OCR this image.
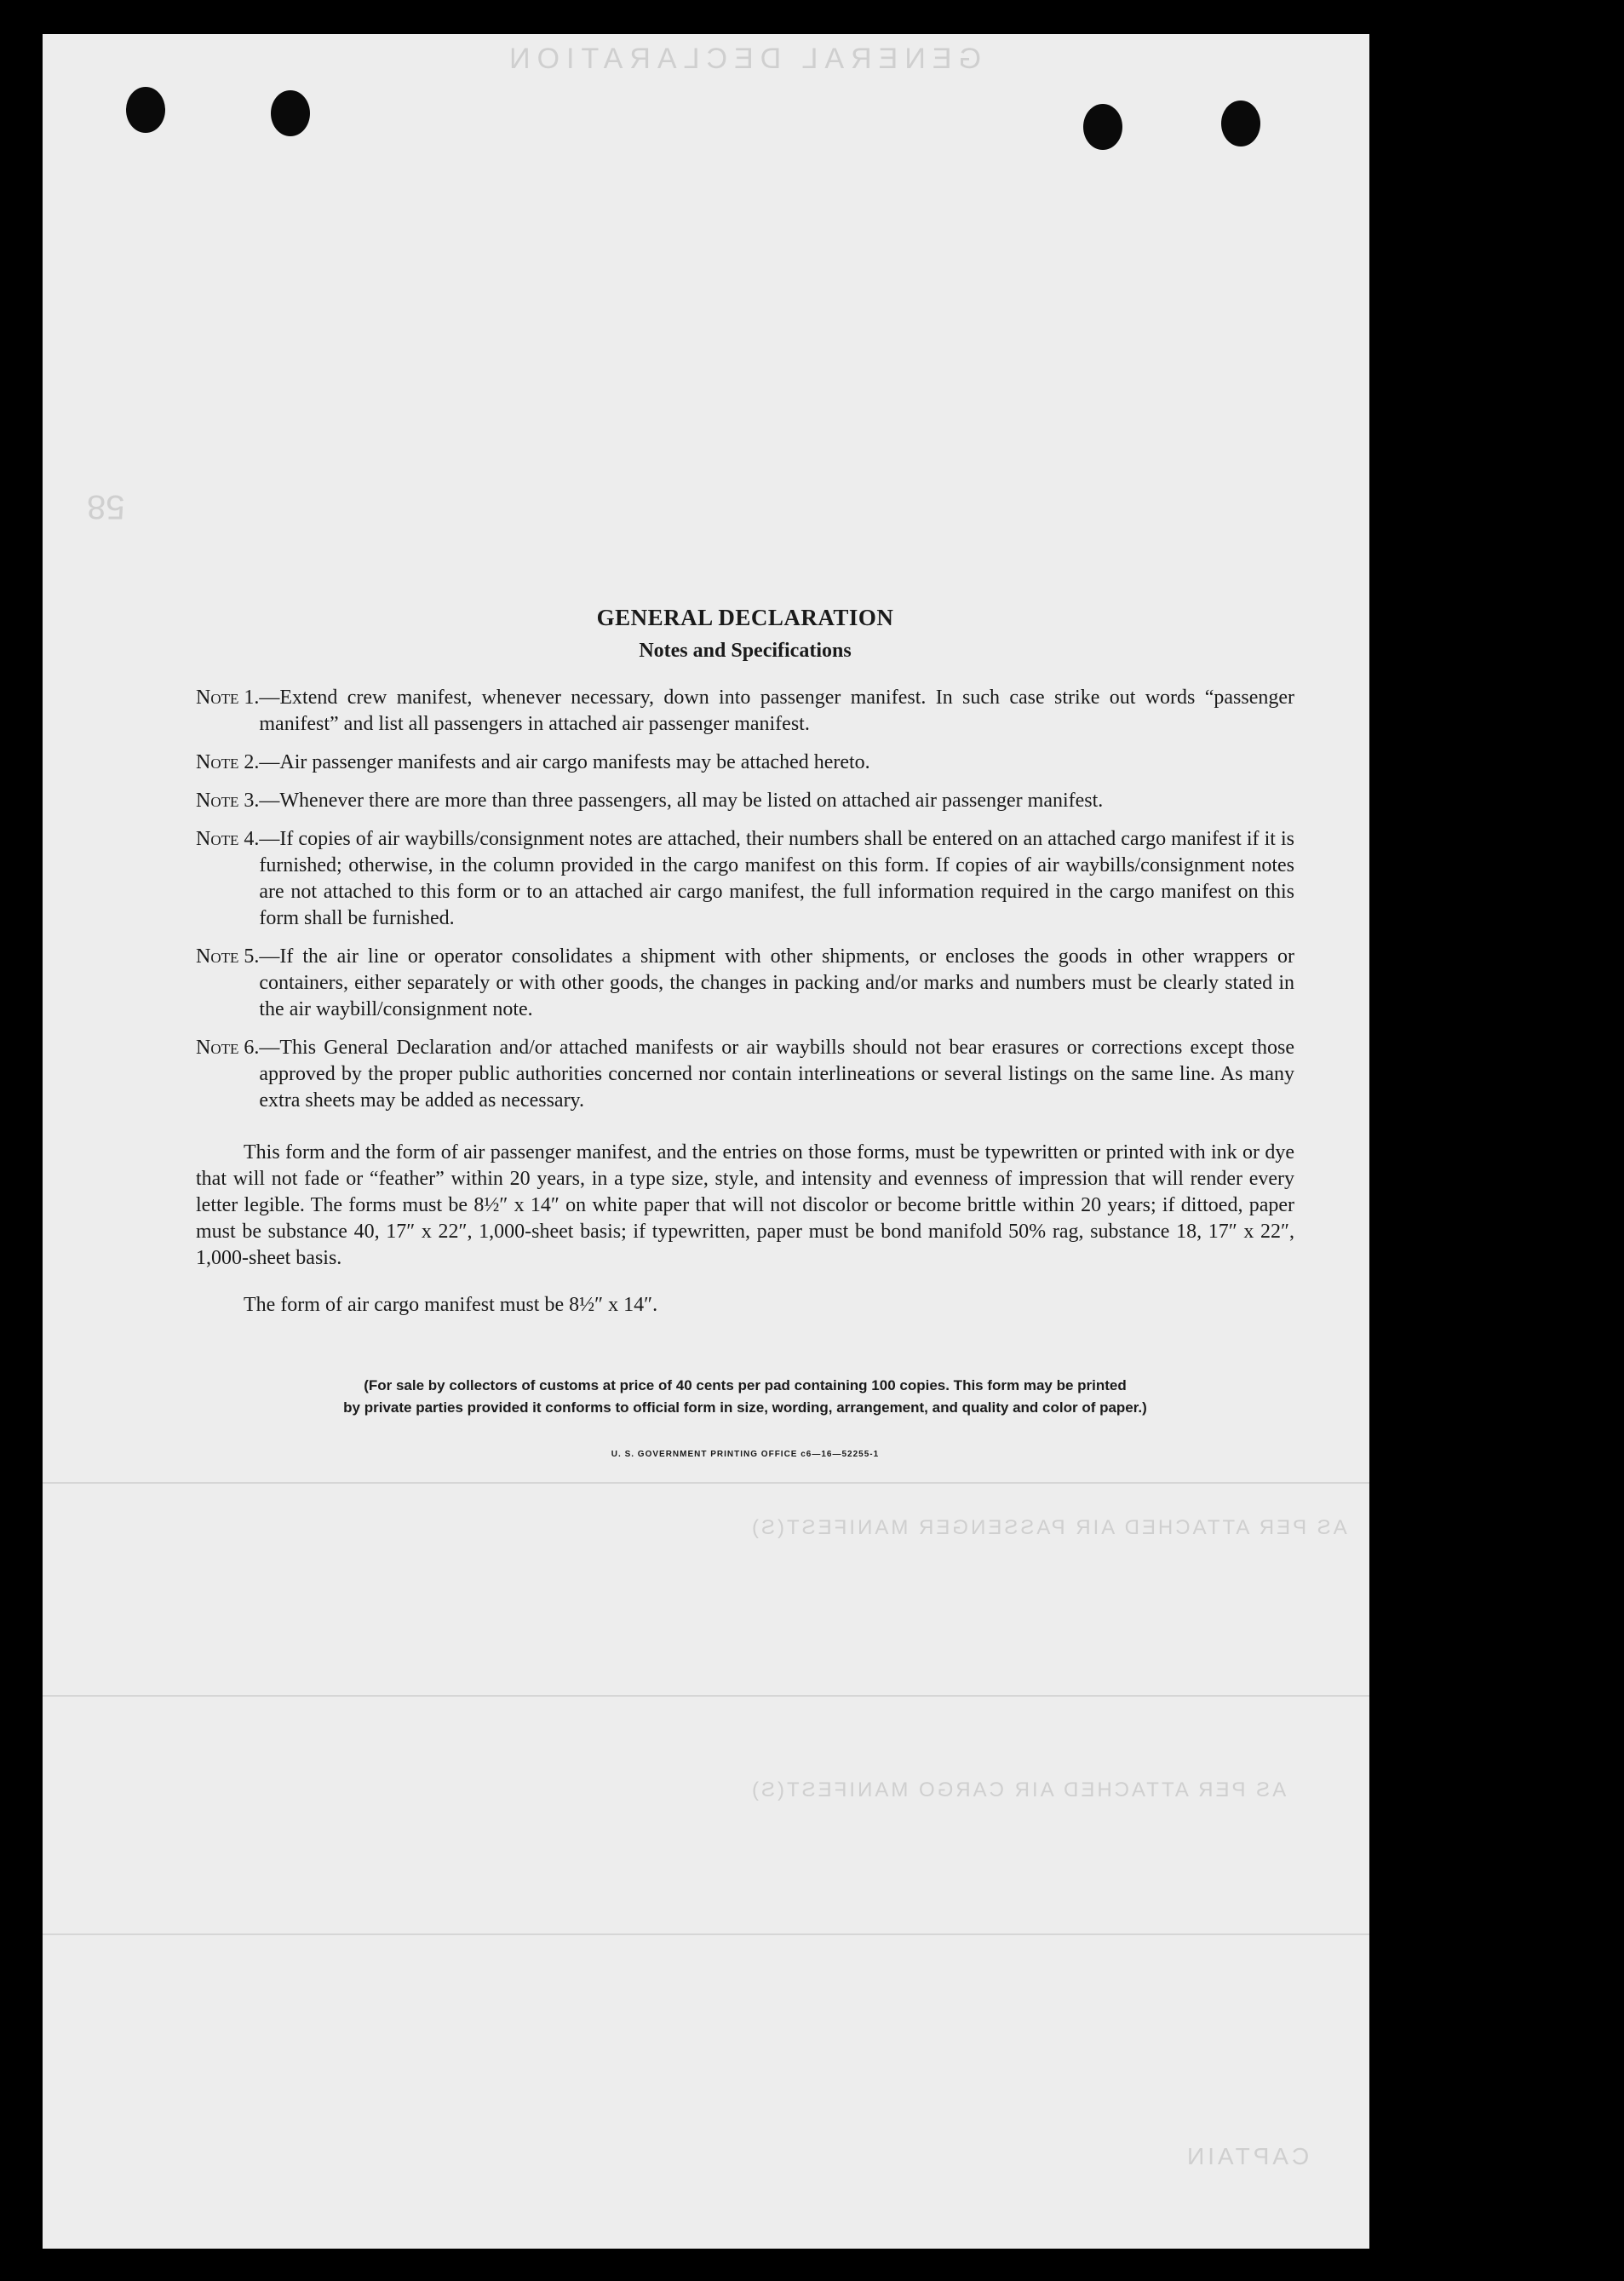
GENERAL DECLARATION
58
AS PER ATTACHED AIR PASSENGER MANIFEST(S)
AS PER ATTACHED AIR CARGO MANIFEST(S)
CAPTAIN
GENERAL DECLARATION
Notes and Specifications
Note 1. —Extend crew manifest, whenever necessary, down into passenger manifest. In such case strike out words “passenger manifest” and list all passengers in attached air passenger manifest.
Note 2. —Air passenger manifests and air cargo manifests may be attached hereto.
Note 3. —Whenever there are more than three passengers, all may be listed on attached air passenger manifest.
Note 4. —If copies of air waybills/consignment notes are attached, their numbers shall be entered on an attached cargo manifest if it is furnished; otherwise, in the column provided in the cargo manifest on this form. If copies of air waybills/consignment notes are not attached to this form or to an attached air cargo manifest, the full information required in the cargo manifest on this form shall be furnished.
Note 5. —If the air line or operator consolidates a shipment with other shipments, or encloses the goods in other wrappers or containers, either separately or with other goods, the changes in packing and/or marks and numbers must be clearly stated in the air waybill/consignment note.
Note 6. —This General Declaration and/or attached manifests or air waybills should not bear erasures or corrections except those approved by the proper public authorities concerned nor contain interlineations or several listings on the same line. As many extra sheets may be added as necessary.

This form and the form of air passenger manifest, and the entries on those forms, must be typewritten or printed with ink or dye that will not fade or “feather” within 20 years, in a type size, style, and intensity and evenness of impression that will render every letter legible. The forms must be 8½″ x 14″ on white paper that will not discolor or become brittle within 20 years; if dittoed, paper must be substance 40, 17″ x 22″, 1,000-sheet basis; if typewritten, paper must be bond manifold 50% rag, substance 18, 17″ x 22″, 1,000-sheet basis.

The form of air cargo manifest must be 8½″ x 14″.

(For sale by collectors of customs at price of 40 cents per pad containing 100 copies. This form may be printed
by private parties provided it conforms to official form in size, wording, arrangement, and quality and color of paper.)
U. S. GOVERNMENT PRINTING OFFICE c6—16—52255-1
